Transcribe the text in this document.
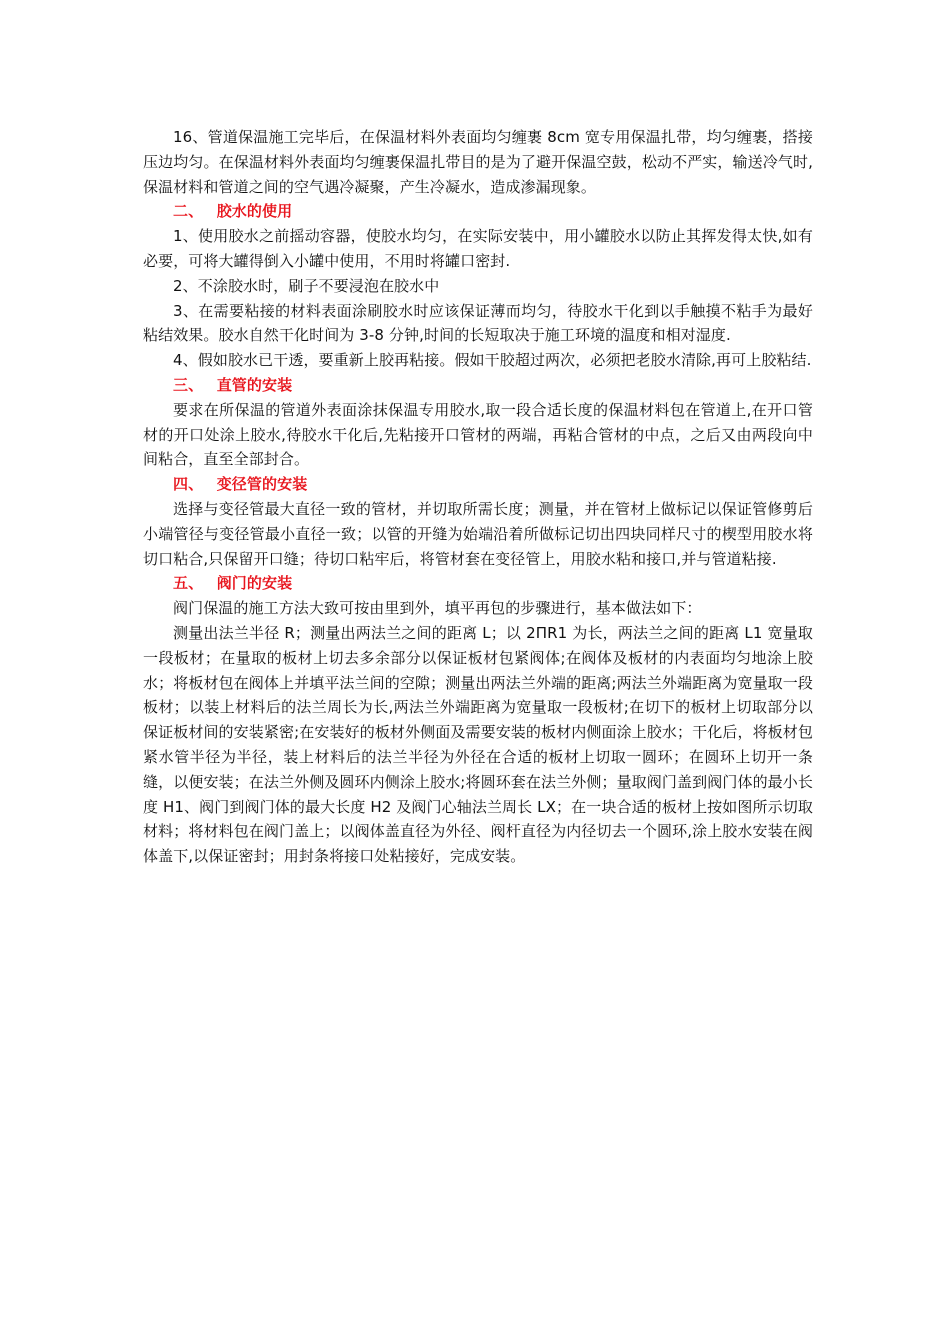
16、管道保温施工完毕后，在保温材料外表面均匀缠裹 8cm 宽专用保温扎带，均匀缠裹，搭接压边均匀。在保温材料外表面均匀缠裹保温扎带目的是为了避开保温空鼓，松动不严实，输送冷气时,保温材料和管道之间的空气遇冷凝聚，产生冷凝水，造成渗漏现象。

二、 胶水的使用

1、使用胶水之前摇动容器，使胶水均匀，在实际安装中，用小罐胶水以防止其挥发得太快,如有必要，可将大罐得倒入小罐中使用，不用时将罐口密封.

2、不涂胶水时，刷子不要浸泡在胶水中

3、在需要粘接的材料表面涂刷胶水时应该保证薄而均匀，待胶水干化到以手触摸不粘手为最好粘结效果。胶水自然干化时间为 3-8 分钟,时间的长短取决于施工环境的温度和相对湿度.

4、假如胶水已干透，要重新上胶再粘接。假如干胶超过两次，必须把老胶水清除,再可上胶粘结.

三、 直管的安装

要求在所保温的管道外表面涂抹保温专用胶水,取一段合适长度的保温材料包在管道上,在开口管材的开口处涂上胶水,待胶水干化后,先粘接开口管材的两端，再粘合管材的中点，之后又由两段向中间粘合，直至全部封合。

四、 变径管的安装

选择与变径管最大直径一致的管材，并切取所需长度；测量，并在管材上做标记以保证管修剪后小端管径与变径管最小直径一致；以管的开缝为始端沿着所做标记切出四块同样尺寸的楔型用胶水将切口粘合,只保留开口缝；待切口粘牢后，将管材套在变径管上，用胶水粘和接口,并与管道粘接.

五、 阀门的安装

阀门保温的施工方法大致可按由里到外，填平再包的步骤进行，基本做法如下：

测量出法兰半径 R；测量出两法兰之间的距离 L；以 2ΠR1 为长，两法兰之间的距离 L1 宽量取一段板材；在量取的板材上切去多余部分以保证板材包紧阀体;在阀体及板材的内表面均匀地涂上胶水；将板材包在阀体上并填平法兰间的空隙；测量出两法兰外端的距离;两法兰外端距离为宽量取一段板材；以装上材料后的法兰周长为长,两法兰外端距离为宽量取一段板材;在切下的板材上切取部分以保证板材间的安装紧密;在安装好的板材外侧面及需要安装的板材内侧面涂上胶水；干化后，将板材包紧水管半径为半径，装上材料后的法兰半径为外径在合适的板材上切取一圆环；在圆环上切开一条缝，以便安装；在法兰外侧及圆环内侧涂上胶水;将圆环套在法兰外侧；量取阀门盖到阀门体的最小长度 H1、阀门到阀门体的最大长度 H2 及阀门心轴法兰周长 LX；在一块合适的板材上按如图所示切取材料；将材料包在阀门盖上；以阀体盖直径为外径、阀杆直径为内径切去一个圆环,涂上胶水安装在阀体盖下,以保证密封；用封条将接口处粘接好，完成安装。
